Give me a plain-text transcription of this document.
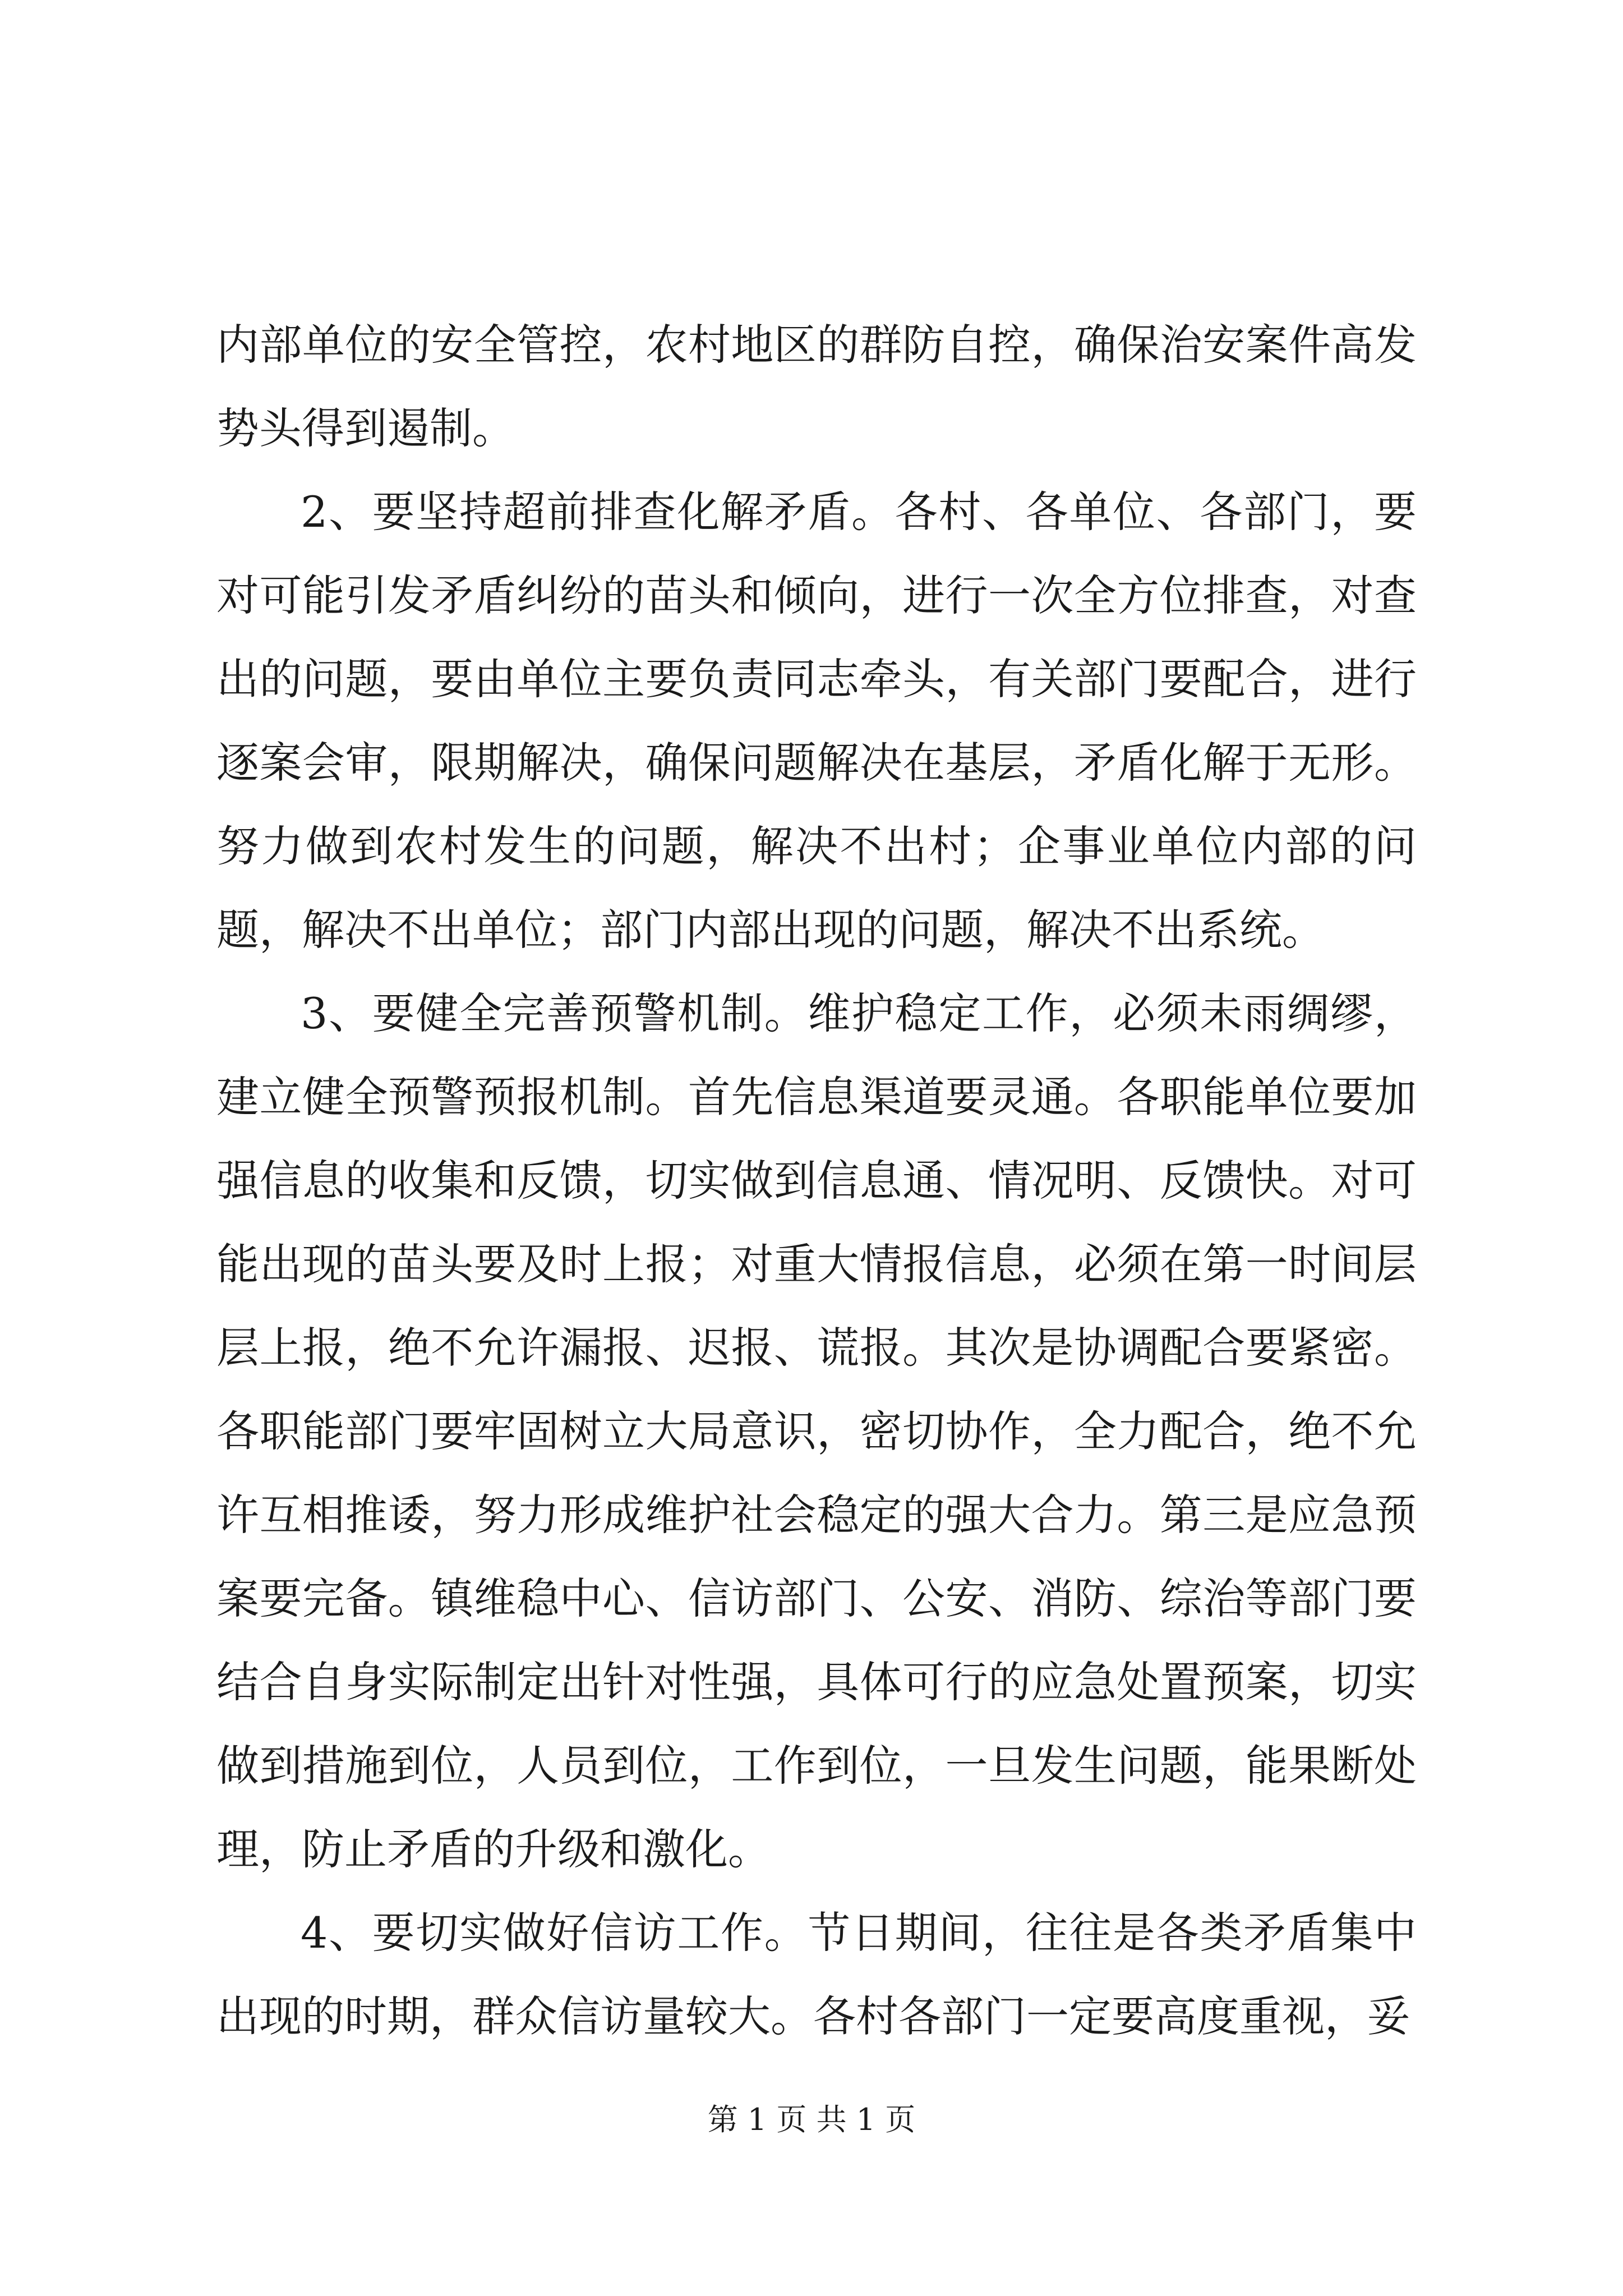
内部单位的安全管控，农村地区的群防自控，确保治安案件高发势头得到遏制。

2、要坚持超前排查化解矛盾。各村、各单位、各部门，要对可能引发矛盾纠纷的苗头和倾向，进行一次全方位排查，对查出的问题，要由单位主要负责同志牵头，有关部门要配合，进行逐案会审，限期解决，确保问题解决在基层，矛盾化解于无形。努力做到农村发生的问题，解决不出村；企事业单位内部的问题，解决不出单位；部门内部出现的问题，解决不出系统。

3、要健全完善预警机制。维护稳定工作，必须未雨绸缪，建立健全预警预报机制。首先信息渠道要灵通。各职能单位要加强信息的收集和反馈，切实做到信息通、情况明、反馈快。对可能出现的苗头要及时上报；对重大情报信息，必须在第一时间层层上报，绝不允许漏报、迟报、谎报。其次是协调配合要紧密。各职能部门要牢固树立大局意识，密切协作，全力配合，绝不允许互相推诿，努力形成维护社会稳定的强大合力。第三是应急预案要完备。镇维稳中心、信访部门、公安、消防、综治等部门要结合自身实际制定出针对性强，具体可行的应急处置预案，切实做到措施到位，人员到位，工作到位，一旦发生问题，能果断处理，防止矛盾的升级和激化。

4、要切实做好信访工作。节日期间，往往是各类矛盾集中出现的时期，群众信访量较大。各村各部门一定要高度重视，妥

第 1 页 共 1 页
